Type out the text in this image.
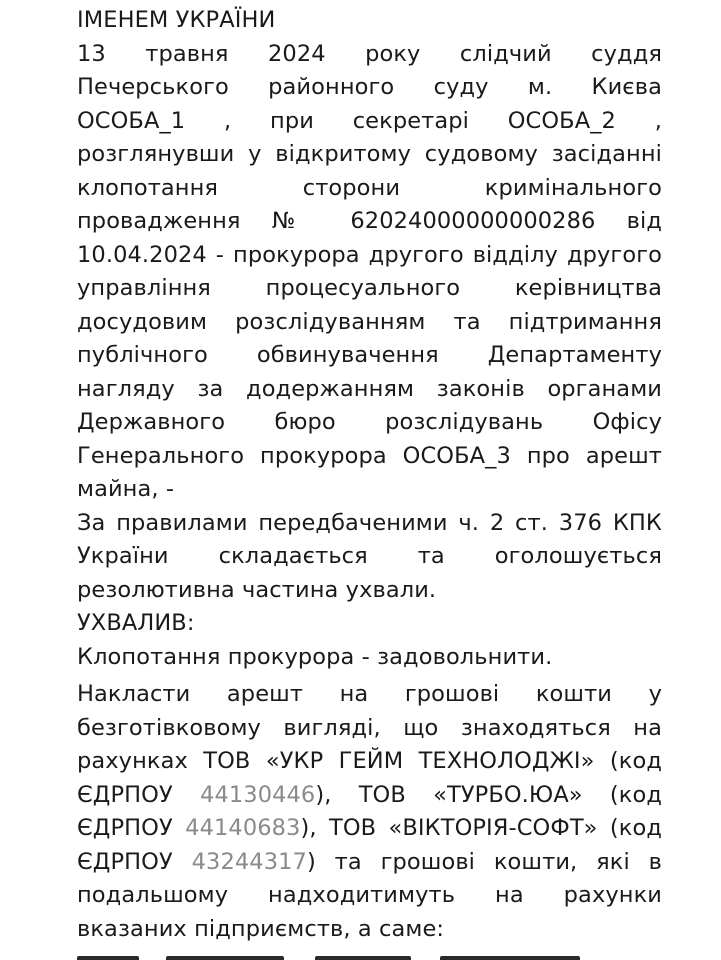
ІМЕНЕМ УКРАЇНИ
13 травня 2024 року слідчий суддя
Печерського районного суду м. Києва
ОСОБА_1 , при секретарі ОСОБА_2 ,
розглянувши у відкритому судовому засіданні
клопотання сторони кримінального
провадження № 62024000000000286 від
10.04.2024 - прокурора другого відділу другого
управління процесуального керівництва
досудовим розслідуванням та підтримання
публічного обвинувачення Департаменту
нагляду за додержанням законів органами
Державного бюро розслідувань Офісу
Генерального прокурора ОСОБА_3 про арешт
майна, -
За правилами передбаченими ч. 2 ст. 376 КПК
України складається та оголошується
резолютивна частина ухвали.
УХВАЛИВ:
Клопотання прокурора - задовольнити.
Накласти арешт на грошові кошти у
безготівковому вигляді, що знаходяться на
рахунках ТОВ «УКР ГЕЙМ ТЕХНОЛОДЖІ» (код
ЄДРПОУ 44130446), ТОВ «ТУРБО.ЮА» (код
ЄДРПОУ 44140683), ТОВ «ВІКТОРІЯ-СОФТ» (код
ЄДРПОУ 43244317) та грошові кошти, які в
подальшому надходитимуть на рахунки
вказаних підприємств, а саме:
